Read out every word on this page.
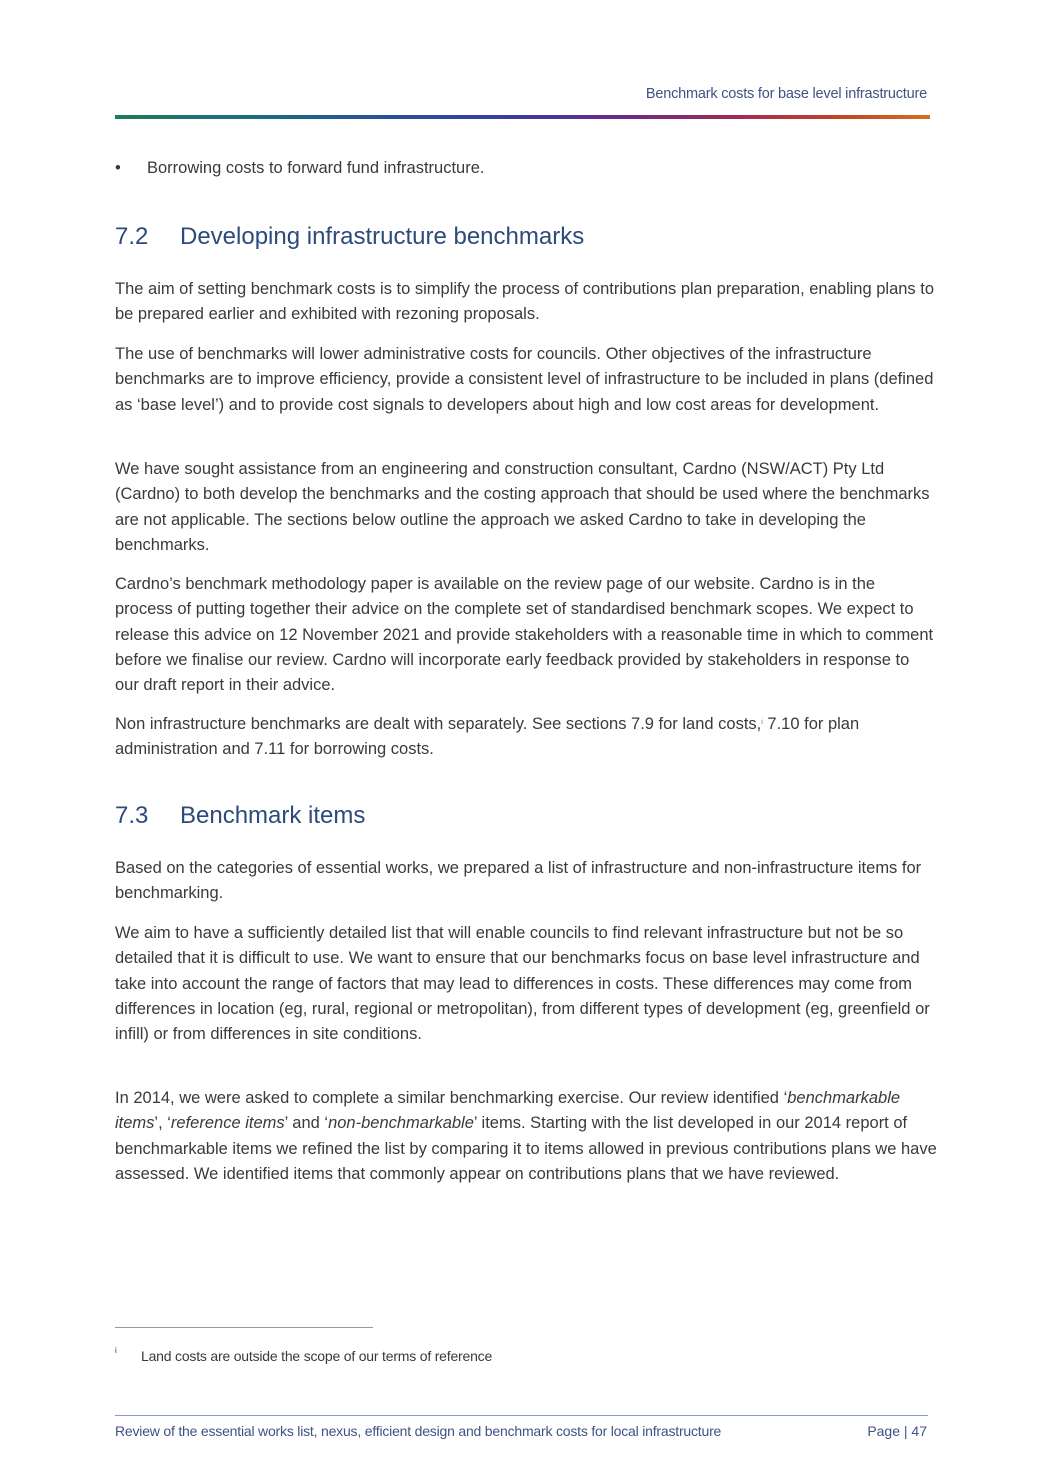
Benchmark costs for base level infrastructure
• Borrowing costs to forward fund infrastructure.
7.2 Developing infrastructure benchmarks

The aim of setting benchmark costs is to simplify the process of contributions plan preparation, enabling plans to be prepared earlier and exhibited with rezoning proposals.

The use of benchmarks will lower administrative costs for councils. Other objectives of the infrastructure benchmarks are to improve efficiency, provide a consistent level of infrastructure to be included in plans (defined as ‘base level’) and to provide cost signals to developers about high and low cost areas for development.

We have sought assistance from an engineering and construction consultant, Cardno (NSW/ACT) Pty Ltd (Cardno) to both develop the benchmarks and the costing approach that should be used where the benchmarks are not applicable. The sections below outline the approach we asked Cardno to take in developing the benchmarks.

Cardno’s benchmark methodology paper is available on the review page of our website. Cardno is in the process of putting together their advice on the complete set of standardised benchmark scopes. We expect to release this advice on 12 November 2021 and provide stakeholders with a reasonable time in which to comment before we finalise our review. Cardno will incorporate early feedback provided by stakeholders in response to our draft report in their advice.

Non infrastructure benchmarks are dealt with separately. See sections 7.9 for land costs,$^i$ 7.10 for plan administration and 7.11 for borrowing costs.

7.3 Benchmark items

Based on the categories of essential works, we prepared a list of infrastructure and non-infrastructure items for benchmarking.

We aim to have a sufficiently detailed list that will enable councils to find relevant infrastructure but not be so detailed that it is difficult to use. We want to ensure that our benchmarks focus on base level infrastructure and take into account the range of factors that may lead to differences in costs. These differences may come from differences in location (eg, rural, regional or metropolitan), from different types of development (eg, greenfield or infill) or from differences in site conditions.

In 2014, we were asked to complete a similar benchmarking exercise. Our review identified ‘benchmarkable items’, ‘reference items’ and ‘non-benchmarkable’ items. Starting with the list developed in our 2014 report of benchmarkable items we refined the list by comparing it to items allowed in previous contributions plans we have assessed. We identified items that commonly appear on contributions plans that we have reviewed.

i Land costs are outside the scope of our terms of reference
Review of the essential works list, nexus, efficient design and benchmark costs for local infrastructure	Page | 47
